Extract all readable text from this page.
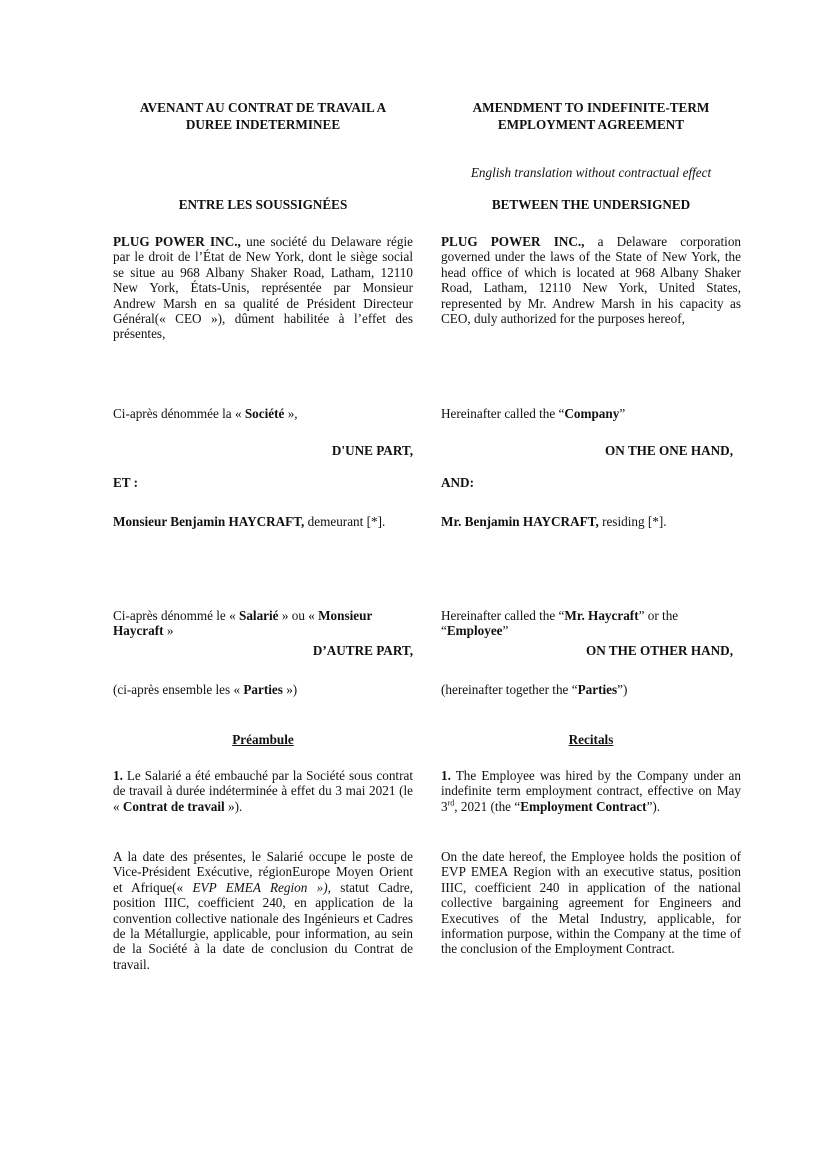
AVENANT AU CONTRAT DE TRAVAIL A
DUREE INDETERMINEE
ENTRE LES SOUSSIGNÉES
PLUG POWER INC., une société du Delaware régie par le droit de l’État de New York, dont le siège social se situe au 968 Albany Shaker Road, Latham, 12110 New York, États-Unis, représentée par Monsieur Andrew Marsh en sa qualité de Président Directeur Général(« CEO »), dûment habilitée à l’effet des présentes,
Ci-après dénommée la « Société »,
D'UNE PART,
ET :
Monsieur Benjamin HAYCRAFT, demeurant [*].
Ci-après dénommé le « Salarié » ou « Monsieur Haycraft »
D’AUTRE PART,
(ci-après ensemble les « Parties »)
Préambule
1. Le Salarié a été embauché par la Société sous contrat de travail à durée indéterminée à effet du 3 mai 2021 (le « Contrat de travail »).
A la date des présentes, le Salarié occupe le poste de Vice-Président Exécutive, régionEurope Moyen Orient et Afrique(« EVP EMEA Region »), statut Cadre, position IIIC, coefficient 240, en application de la convention collective nationale des Ingénieurs et Cadres de la Métallurgie, applicable, pour information, au sein de la Société à la date de conclusion du Contrat de travail.
AMENDMENT TO INDEFINITE-TERM
EMPLOYMENT AGREEMENT
English translation without contractual effect
BETWEEN THE UNDERSIGNED
PLUG POWER INC., a Delaware corporation governed under the laws of the State of New York, the head office of which is located at 968 Albany Shaker Road, Latham, 12110 New York, United States, represented by Mr. Andrew Marsh in his capacity as CEO, duly authorized for the purposes hereof,
Hereinafter called the “Company”
ON THE ONE HAND,
AND:
Mr. Benjamin HAYCRAFT, residing [*].
Hereinafter called the “Mr. Haycraft” or the “Employee”
ON THE OTHER HAND,
(hereinafter together the “Parties”)
Recitals
1. The Employee was hired by the Company under an indefinite term employment contract, effective on May 3rd, 2021 (the “Employment Contract”).
On the date hereof, the Employee holds the position of EVP EMEA Region with an executive status, position IIIC, coefficient 240 in application of the national collective bargaining agreement for Engineers and Executives of the Metal Industry, applicable, for information purpose, within the Company at the time of the conclusion of the Employment Contract.
